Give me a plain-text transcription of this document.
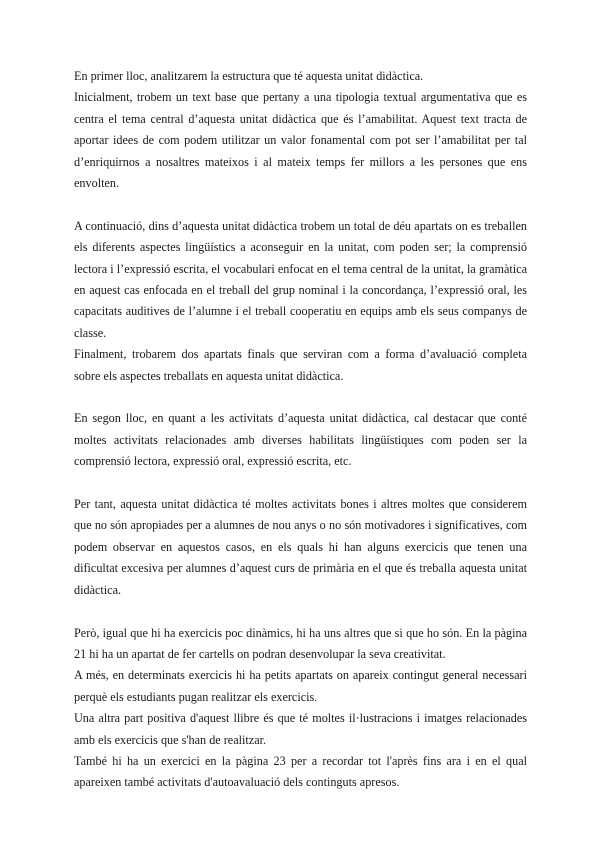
En primer lloc, analitzarem la estructura que té aquesta unitat didàctica.

Inicialment, trobem un text base que pertany a una tipologia textual argumentativa que es centra el tema central d’aquesta unitat didàctica que és l’amabilitat. Aquest text tracta de aportar idees de com podem utilitzar un valor fonamental com pot ser l’amabilitat per tal d’enriquirnos a nosaltres mateixos i al mateix temps fer millors a les persones que ens envolten.

A continuació, dins d’aquesta unitat didàctica trobem un total de déu apartats on es treballen els diferents aspectes lingüístics a aconseguir en la unitat, com poden ser; la comprensió lectora i l’expressió escrita, el vocabulari enfocat en el tema central de la unitat, la gramàtica en aquest cas enfocada en el treball del grup nominal i la concordança, l’expressió oral, les capacitats auditives de l’alumne i el treball cooperatiu en equips amb els seus companys de classe.

Finalment, trobarem dos apartats finals que serviran com a forma d’avaluació completa sobre els aspectes treballats en aquesta unitat didàctica.

En segon lloc, en quant a les activitats d’aquesta unitat didàctica, cal destacar que conté moltes activitats relacionades amb diverses habilitats lingüístiques com poden ser la comprensió lectora, expressió oral, expressió escrita, etc.

Per tant, aquesta unitat didàctica té moltes activitats bones i altres moltes que considerem que no són apropiades per a alumnes de nou anys o no són motivadores i significatives, com podem observar en aquestos casos, en els quals hi han alguns exercicis que tenen una dificultat excesiva per alumnes d’aquest curs de primària en el que és treballa aquesta unitat didàctica.

Però, igual que hi ha exercicis poc dinàmics, hi ha uns altres que si que ho són. En la pàgina 21 hi ha un apartat de fer cartells on podran desenvolupar la seva creativitat.

A més, en determinats exercicis hi ha petits apartats on apareix contingut general necessari perquè els estudiants pugan realitzar els exercicis.

Una altra part positiva d'aquest llibre és que té moltes il·lustracions i imatges relacionades amb els exercicis que s'han de realitzar.

També hi ha un exercici en la pàgina 23 per a recordar tot l'après fins ara i en el qual apareixen també activitats d'autoavaluació dels continguts apresos.
